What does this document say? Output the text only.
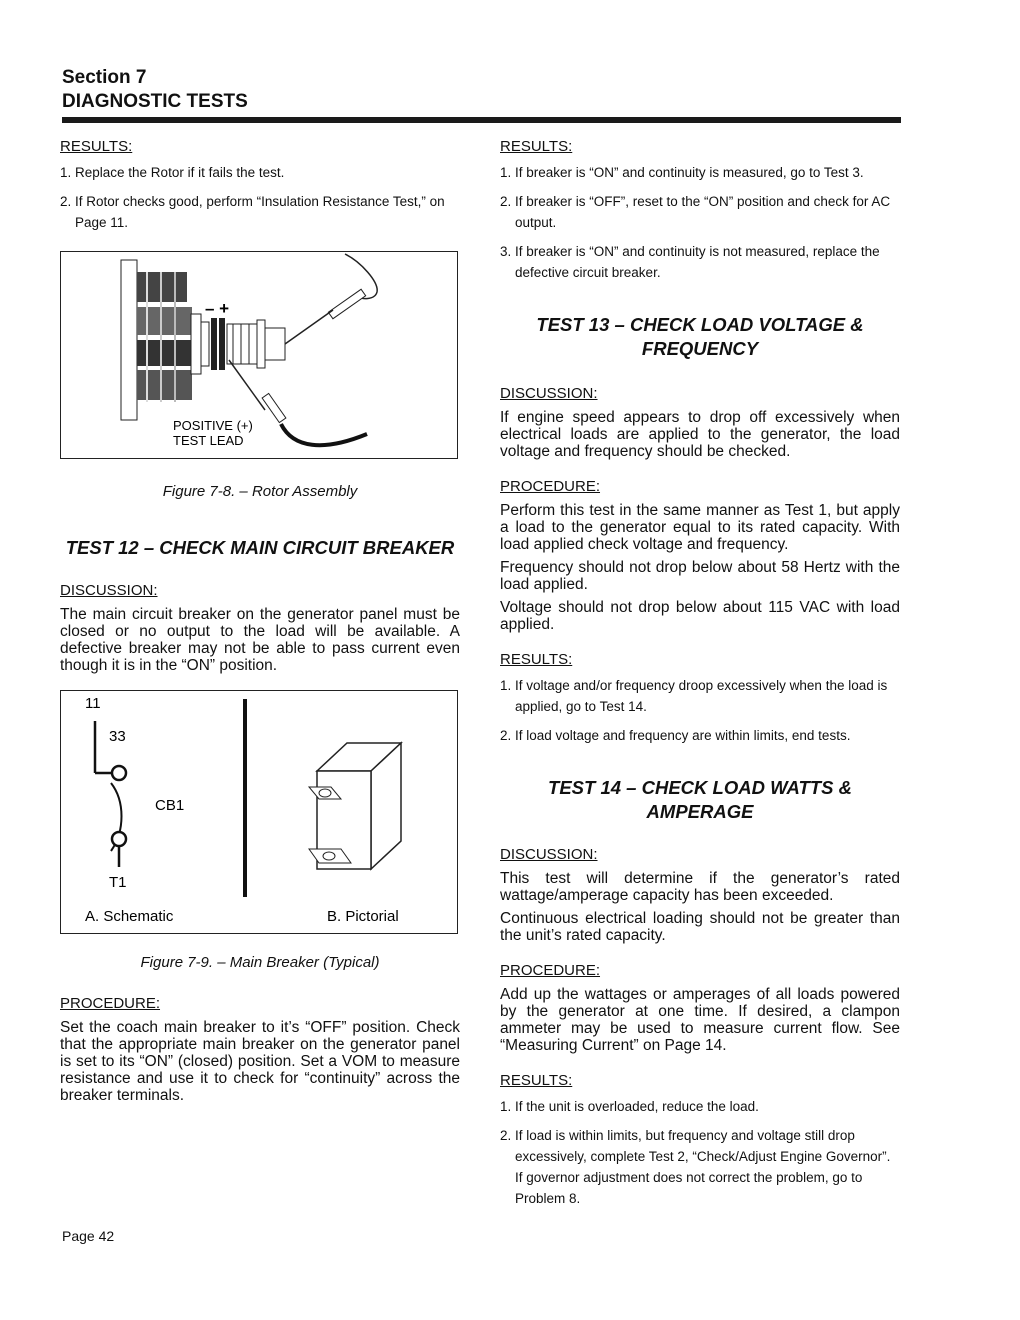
Section 7
DIAGNOSTIC TESTS
RESULTS:
1. Replace the Rotor if it fails the test.
2. If Rotor checks good, perform “Insulation Resistance Test,” on Page 11.
– +
POSITIVE (+)
TEST LEAD
Figure 7-8. – Rotor Assembly
TEST 12 – CHECK MAIN CIRCUIT BREAKER
DISCUSSION:
The main circuit breaker on the generator panel must be closed or no output to the load will be available. A defective breaker may not be able to pass current even though it is in the “ON” position.
11
33
CB1
T1
A. Schematic	B. Pictorial
Figure 7-9. – Main Breaker (Typical)
PROCEDURE:
Set the coach main breaker to it’s “OFF” position. Check that the appropriate main breaker on the generator panel is set to its “ON” (closed) position. Set a VOM to measure resistance and use it to check for “continuity” across the breaker terminals.
RESULTS:
1. If breaker is “ON” and continuity is measured, go to Test 3.
2. If breaker is “OFF”, reset to the “ON” position and check for AC output.
3. If breaker is “ON” and continuity is not measured, replace the defective circuit breaker.
TEST 13 – CHECK LOAD VOLTAGE &
FREQUENCY
DISCUSSION:
If engine speed appears to drop off excessively when electrical loads are applied to the generator, the load voltage and frequency should be checked.
PROCEDURE:
Perform this test in the same manner as Test 1, but apply a load to the generator equal to its rated capacity. With load applied check voltage and frequency.
Frequency should not drop below about 58 Hertz with the load applied.
Voltage should not drop below about 115 VAC with load applied.
RESULTS:
1. If voltage and/or frequency droop excessively when the load is applied, go to Test 14.
2. If load voltage and frequency are within limits, end tests.
TEST 14 – CHECK LOAD WATTS & AMPERAGE
DISCUSSION:
This test will determine if the generator’s rated wattage/amperage capacity has been exceeded.
Continuous electrical loading should not be greater than the unit’s rated capacity.
PROCEDURE:
Add up the wattages or amperages of all loads powered by the generator at one time. If desired, a clampon ammeter may be used to measure current flow. See “Measuring Current” on Page 14.
RESULTS:
1. If the unit is overloaded, reduce the load.
2. If load is within limits, but frequency and voltage still drop excessively, complete Test 2, “Check/Adjust Engine Governor”. If governor adjustment does not correct the problem, go to Problem 8.
Page 42
